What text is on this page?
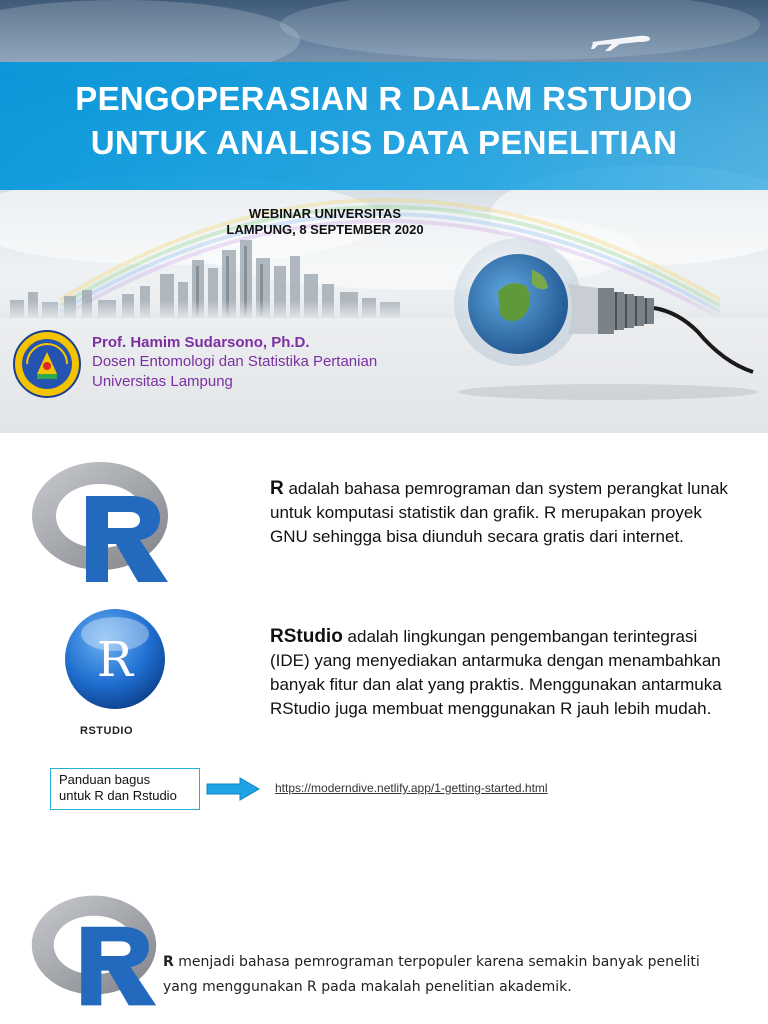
PENGOPERASIAN R DALAM RSTUDIO
UNTUK ANALISIS DATA PENELITIAN
WEBINAR UNIVERSITAS
LAMPUNG, 8 SEPTEMBER 2020
Prof. Hamim Sudarsono, Ph.D.
Dosen Entomologi dan Statistika Pertanian
Universitas Lampung
R adalah bahasa pemrograman dan system perangkat lunak untuk komputasi statistik dan grafik. R merupakan proyek GNU sehingga bisa diunduh secara gratis dari internet.
R
RSTUDIO
RStudio adalah lingkungan pengembangan terintegrasi (IDE) yang menyediakan antarmuka dengan menambahkan banyak fitur dan alat yang praktis. Menggunakan antarmuka RStudio juga membuat menggunakan R jauh lebih mudah.
Panduan bagus
untuk R dan Rstudio	https://moderndive.netlify.app/1-getting-started.html
R menjadi bahasa pemrograman terpopuler karena semakin banyak peneliti yang menggunakan R pada makalah penelitian akademik.
